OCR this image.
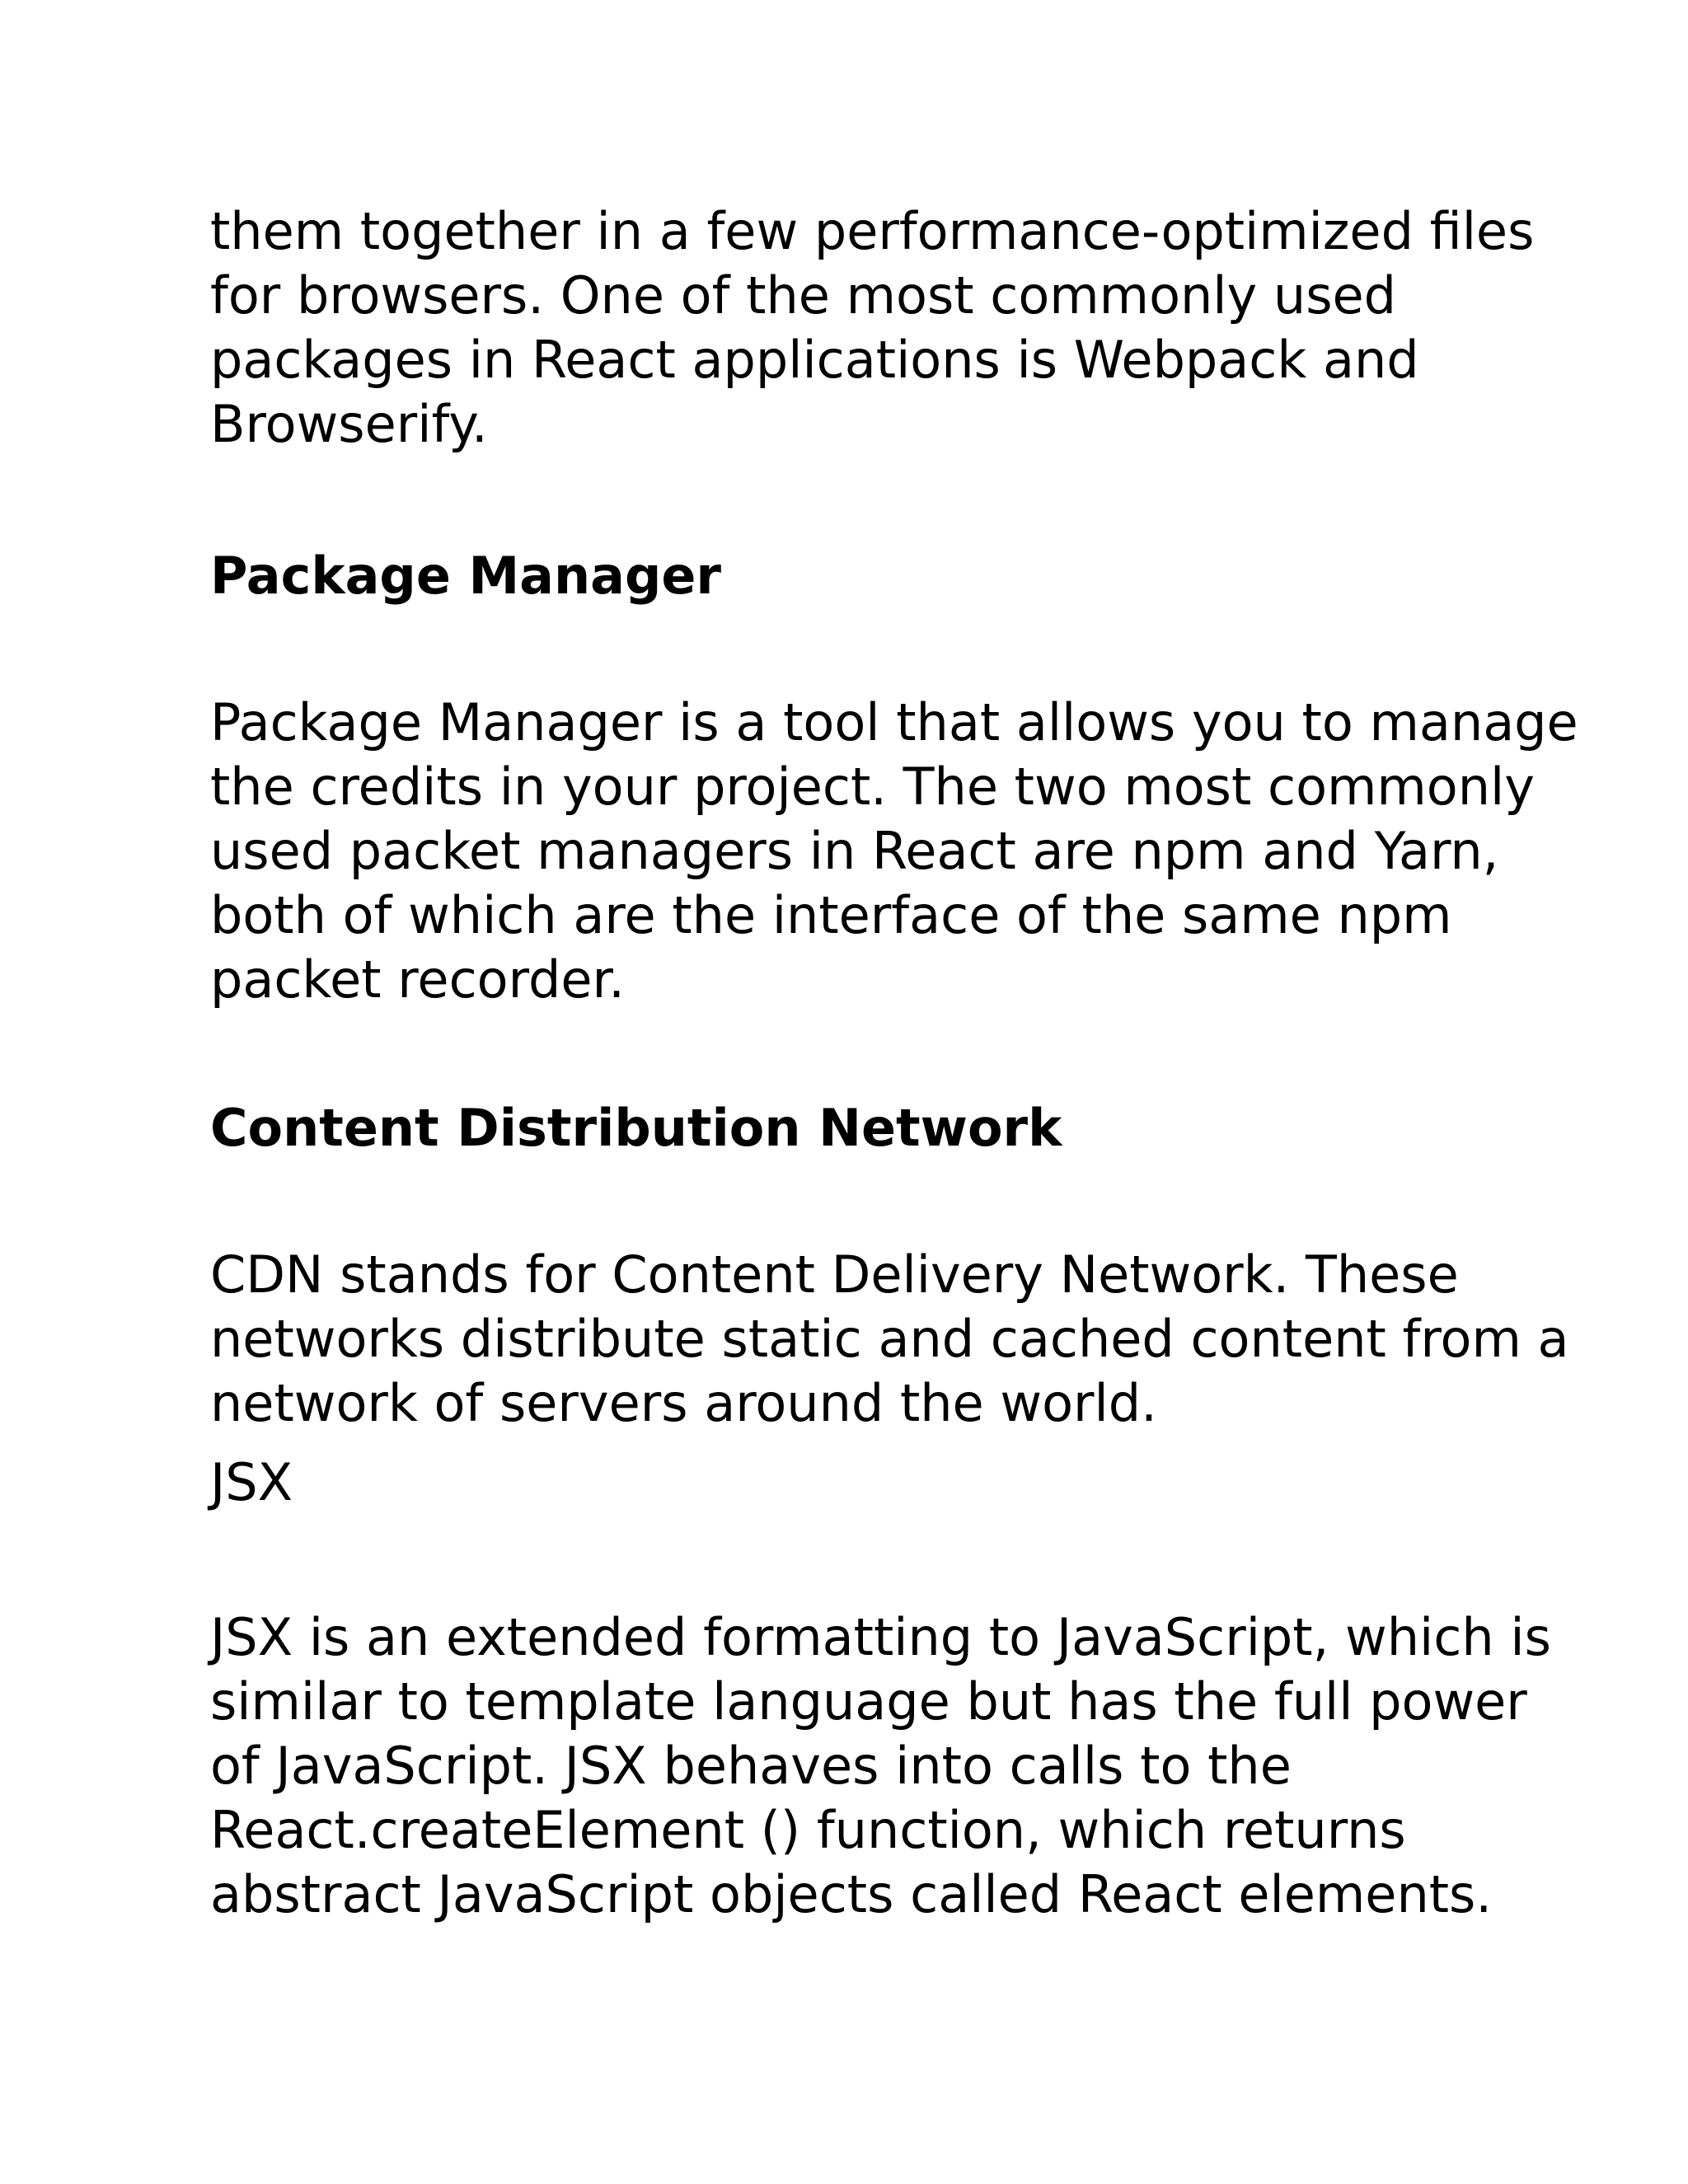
them together in a few performance-optimized files
for browsers. One of the most commonly used
packages in React applications is Webpack and
Browserify.
Package Manager
Package Manager is a tool that allows you to manage
the credits in your project. The two most commonly
used packet managers in React are npm and Yarn,
both of which are the interface of the same npm
packet recorder.
Content Distribution Network
CDN stands for Content Delivery Network. These
networks distribute static and cached content from a
network of servers around the world.
JSX
JSX is an extended formatting to JavaScript, which is
similar to template language but has the full power
of JavaScript. JSX behaves into calls to the
React.createElement () function, which returns
abstract JavaScript objects called React elements.
